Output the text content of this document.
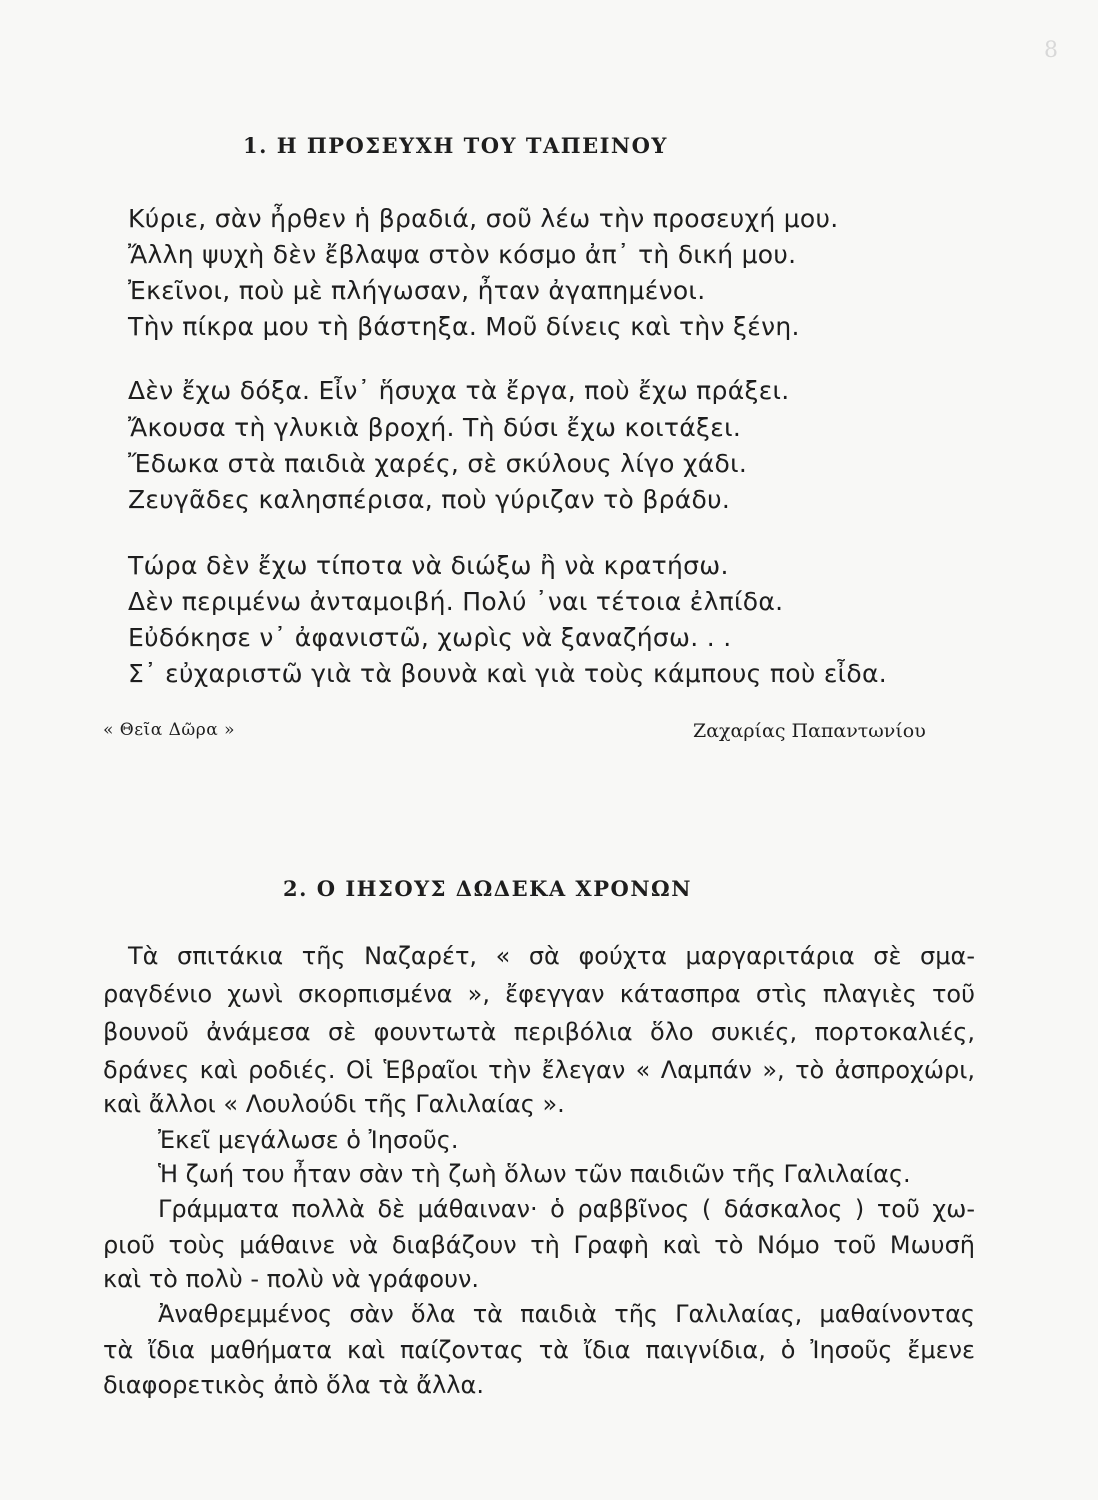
8
1. Η ΠΡΟΣΕΥΧΗ ΤΟΥ ΤΑΠΕΙΝΟΥ
Κύριε, σὰν ἦρθεν ἡ βραδιά, σοῦ λέω τὴν προσευχή μου.
Ἄλλη ψυχὴ δὲν ἔβλαψα στὸν κόσμο ἀπ᾽ τὴ δική μου.
Ἐκεῖνοι, ποὺ μὲ πλήγωσαν, ἦταν ἀγαπημένοι.
Τὴν πίκρα μου τὴ βάστηξα. Μοῦ δίνεις καὶ τὴν ξένη.
Δὲν ἔχω δόξα. Εἶν᾽ ἥσυχα τὰ ἔργα, ποὺ ἔχω πράξει.
Ἄκουσα τὴ γλυκιὰ βροχή. Τὴ δύσι ἔχω κοιτάξει.
Ἔδωκα στὰ παιδιὰ χαρές, σὲ σκύλους λίγο χάδι.
Ζευγᾶδες καλησπέρισα, ποὺ γύριζαν τὸ βράδυ.
Τώρα δὲν ἔχω τίποτα νὰ διώξω ἢ νὰ κρατήσω.
Δὲν περιμένω ἀνταμοιβή. Πολύ ᾽ναι τέτοια ἐλπίδα.
Εὐδόκησε ν᾽ ἀφανιστῶ, χωρὶς νὰ ξαναζήσω. . .
Σ᾽ εὐχαριστῶ γιὰ τὰ βουνὰ καὶ γιὰ τοὺς κάμπους ποὺ εἶδα.
« Θεῖα Δῶρα »	Ζαχαρίας Παπαντωνίου
2. Ο ΙΗΣΟΥΣ ΔΩΔΕΚΑ ΧΡΟΝΩΝ
Τὰ σπιτάκια τῆς Ναζαρέτ, « σὰ φούχτα μαργαριτάρια σὲ σμα-
ραγδένιο χωνὶ σκορπισμένα », ἔφεγγαν κάτασπρα στὶς πλαγιὲς τοῦ
βουνοῦ ἀνάμεσα σὲ φουντωτὰ περιβόλια ὅλο συκιές, πορτοκαλιές,
δράνες καὶ ροδιές. Οἱ Ἑβραῖοι τὴν ἔλεγαν « Λαμπάν », τὸ ἀσπροχώρι,
καὶ ἄλλοι « Λουλούδι τῆς Γαλιλαίας ».
Ἐκεῖ μεγάλωσε ὁ Ἰησοῦς.
Ἡ ζωή του ἦταν σὰν τὴ ζωὴ ὅλων τῶν παιδιῶν τῆς Γαλιλαίας.
Γράμματα πολλὰ δὲ μάθαιναν· ὁ ραββῖνος ( δάσκαλος ) τοῦ χω-
ριοῦ τοὺς μάθαινε νὰ διαβάζουν τὴ Γραφὴ καὶ τὸ Νόμο τοῦ Μωυσῆ
καὶ τὸ πολὺ - πολὺ νὰ γράφουν.
Ἀναθρεμμένος σὰν ὅλα τὰ παιδιὰ τῆς Γαλιλαίας, μαθαίνοντας
τὰ ἴδια μαθήματα καὶ παίζοντας τὰ ἴδια παιγνίδια, ὁ Ἰησοῦς ἔμενε
διαφορετικὸς ἀπὸ ὅλα τὰ ἄλλα.
